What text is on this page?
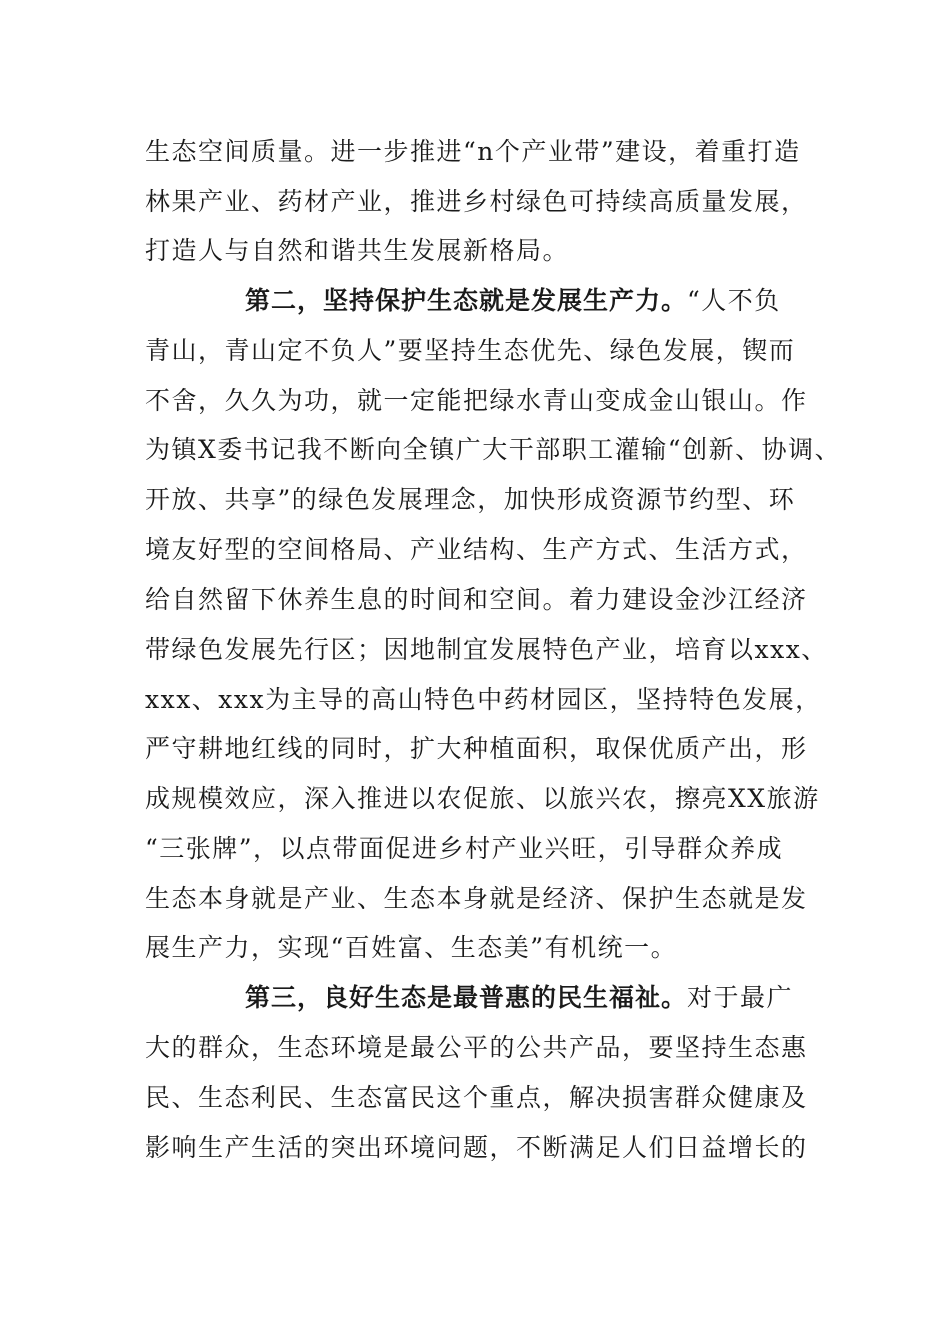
生态空间质量。进一步推进“n个产业带”建设，着重打造
林果产业、药材产业，推进乡村绿色可持续高质量发展，
打造人与自然和谐共生发展新格局。
第二，坚持保护生态就是发展生产力。“人不负
青山，青山定不负人”要坚持生态优先、绿色发展，锲而
不舍，久久为功，就一定能把绿水青山变成金山银山。作
为镇X委书记我不断向全镇广大干部职工灌输“创新、协调、
开放、共享”的绿色发展理念，加快形成资源节约型、环
境友好型的空间格局、产业结构、生产方式、生活方式，
给自然留下休养生息的时间和空间。着力建设金沙江经济
带绿色发展先行区；因地制宜发展特色产业，培育以xxx、
xxx、xxx为主导的高山特色中药材园区，坚持特色发展，
严守耕地红线的同时，扩大种植面积，取保优质产出，形
成规模效应，深入推进以农促旅、以旅兴农，擦亮XX旅游
“三张牌”，以点带面促进乡村产业兴旺，引导群众养成
生态本身就是产业、生态本身就是经济、保护生态就是发
展生产力，实现“百姓富、生态美”有机统一。
第三，良好生态是最普惠的民生福祉。对于最广
大的群众，生态环境是最公平的公共产品，要坚持生态惠
民、生态利民、生态富民这个重点，解决损害群众健康及
影响生产生活的突出环境问题，不断满足人们日益增长的
